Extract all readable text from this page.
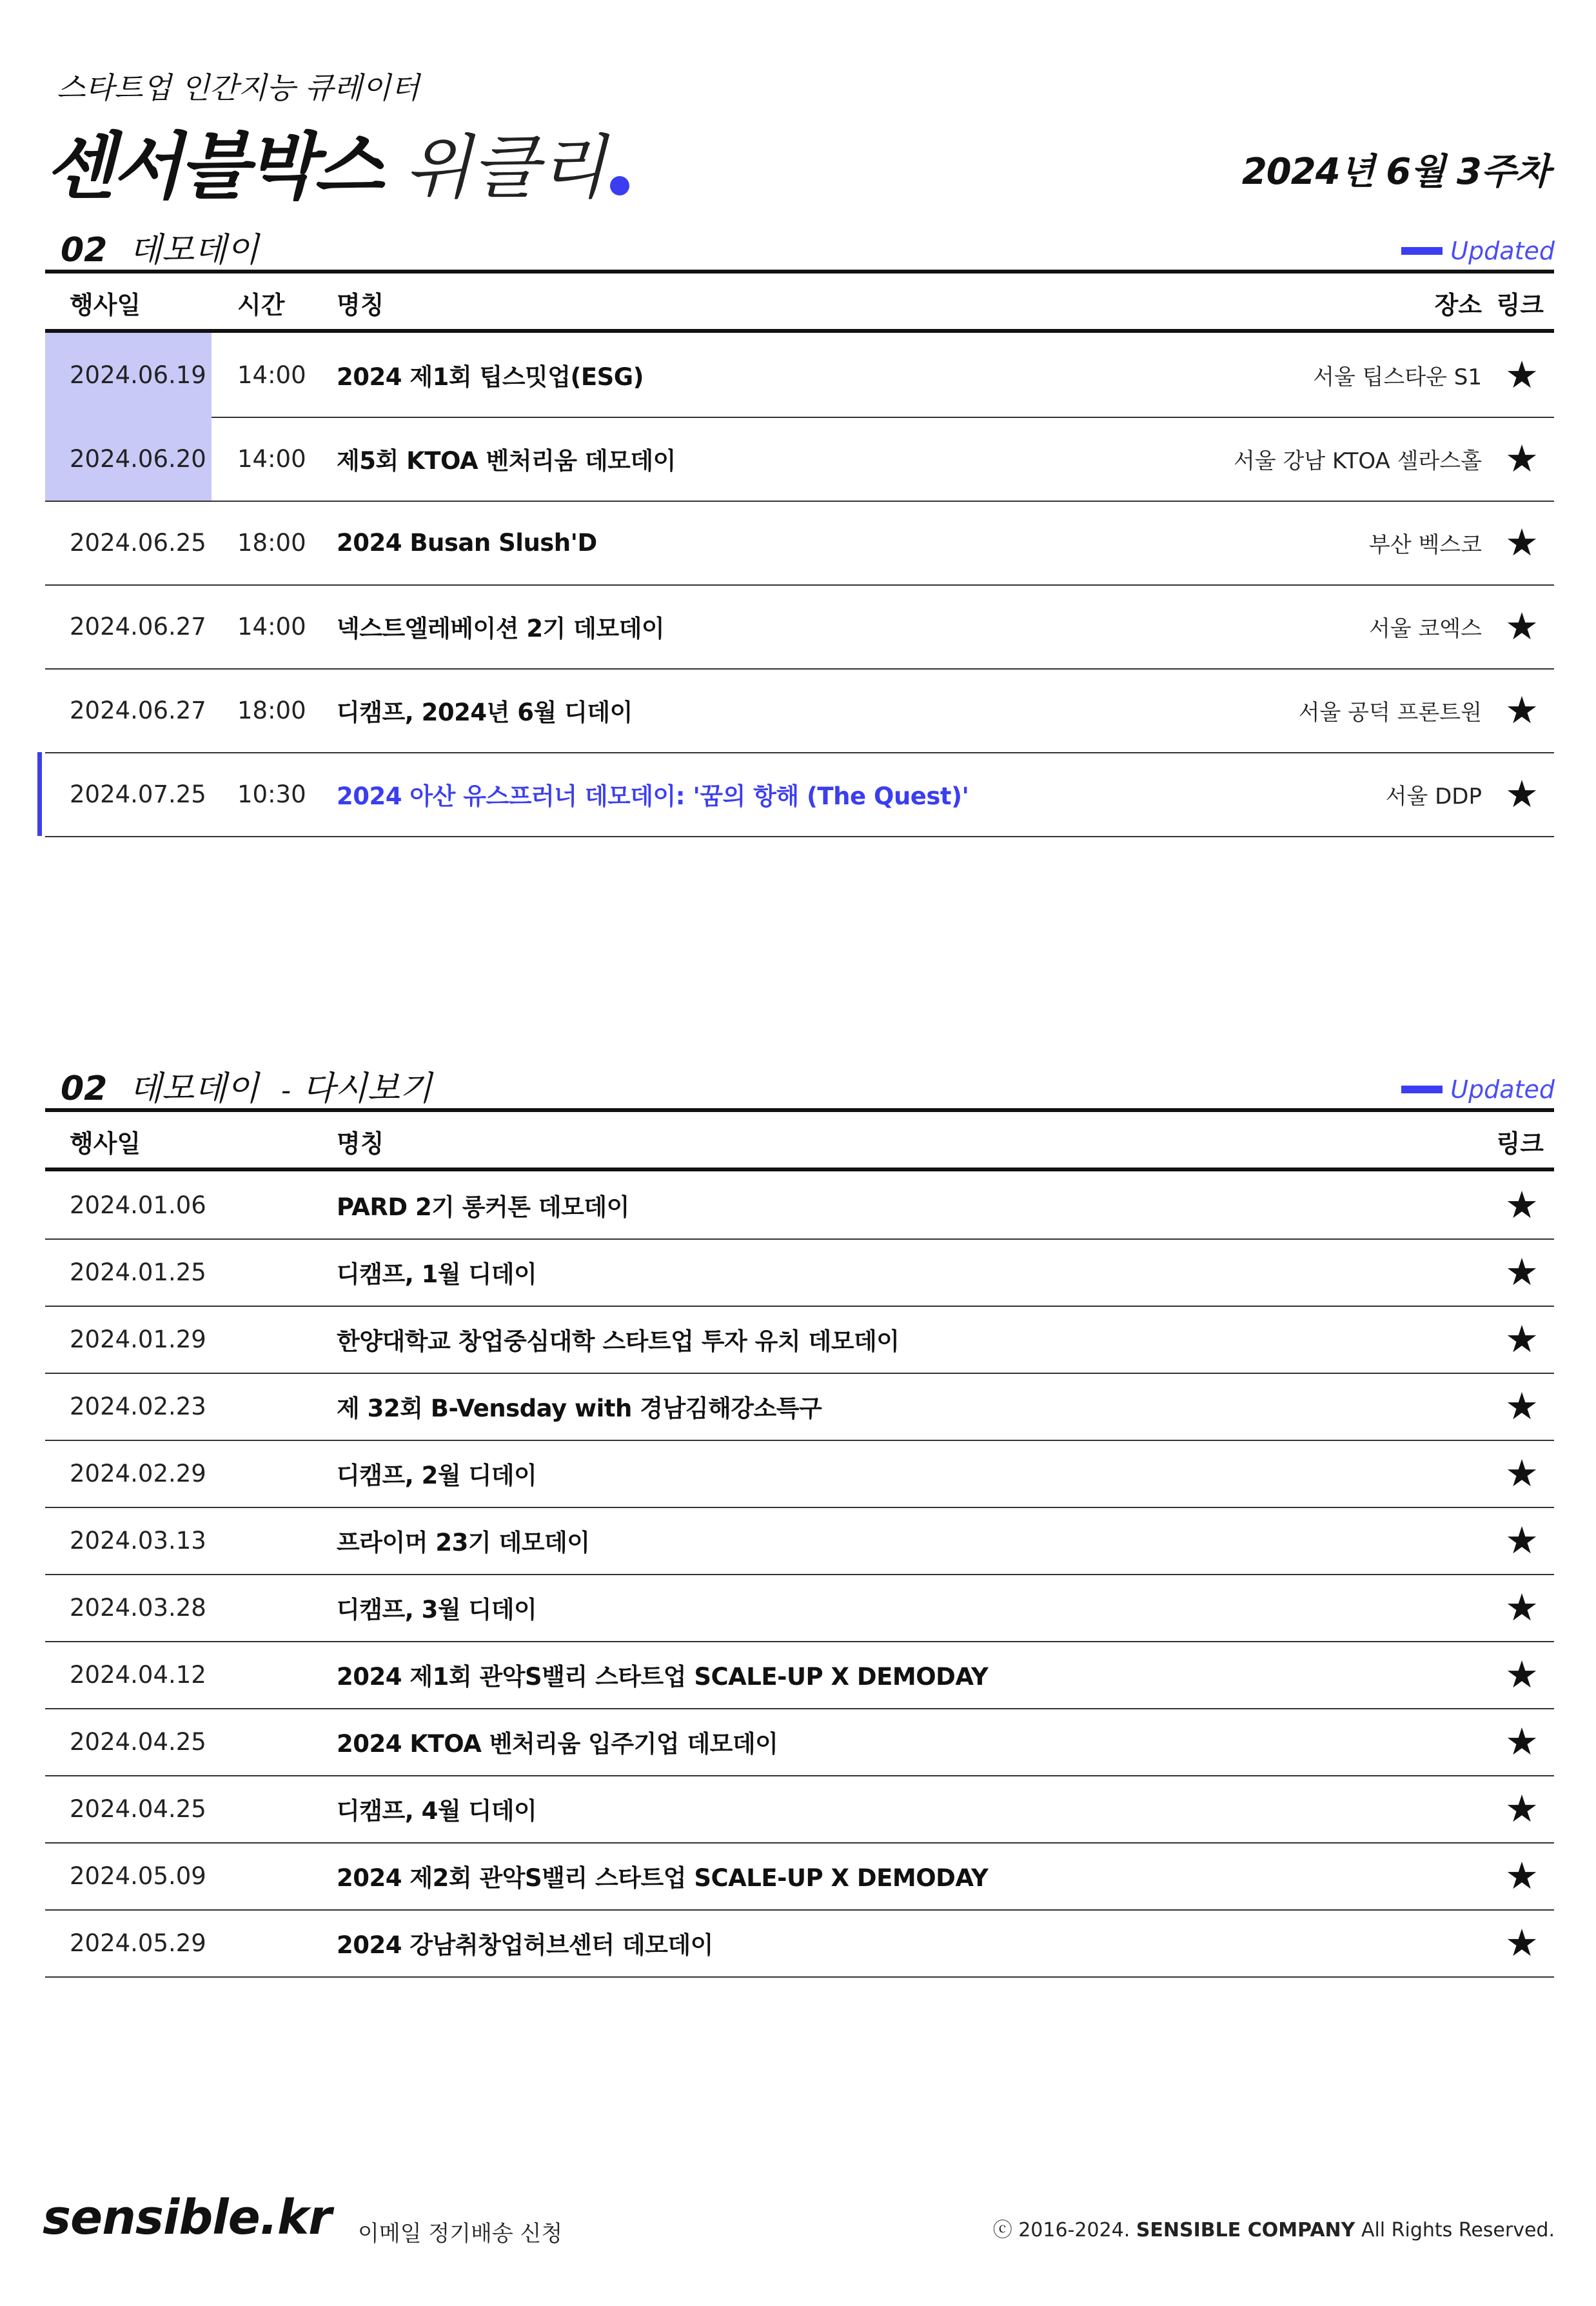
스타트업 인간지능 큐레이터
센서블박스 위클리	2024년 6월 3주차
02 데모데이	Updated
행사일	시간 명칭	장소 링크
2024.06.19 14:00 2024 제1회 팁스밋업(ESG)	서울 팁스타운 S1 ★
2024.06.20 14:00 제5회 KTOA 벤처리움 데모데이	서울 강남 KTOA 셀라스홀 ★
2024.06.25 18:00 2024 Busan Slush'D	부산 벡스코 ★
2024.06.27 14:00 넥스트엘레베이션 2기 데모데이	서울 코엑스 ★
2024.06.27 18:00 디캠프, 2024년 6월 디데이	서울 공덕 프론트원 ★
2024.07.25 10:30 2024 아산 유스프러너 데모데이: '꿈의 항해 (The Quest)'	서울 DDP ★
02 데모데이 - 다시보기	Updated
행사일	명칭	링크
2024.01.06	PARD 2기 롱커톤 데모데이	★
2024.01.25	디캠프, 1월 디데이	★
2024.01.29	한양대학교 창업중심대학 스타트업 투자 유치 데모데이	★
2024.02.23	제 32회 B-Vensday with 경남김해강소특구	★
2024.02.29	디캠프, 2월 디데이	★
2024.03.13	프라이머 23기 데모데이	★
2024.03.28	디캠프, 3월 디데이	★
2024.04.12	2024 제1회 관악S밸리 스타트업 SCALE-UP X DEMODAY	★
2024.04.25	2024 KTOA 벤처리움 입주기업 데모데이	★
2024.04.25	디캠프, 4월 디데이	★
2024.05.09	2024 제2회 관악S밸리 스타트업 SCALE-UP X DEMODAY	★
2024.05.29	2024 강남취창업허브센터 데모데이	★
sensible.kr 이메일 정기배송 신청	ⓒ 2016-2024. SENSIBLE COMPANY All Rights Reserved.
